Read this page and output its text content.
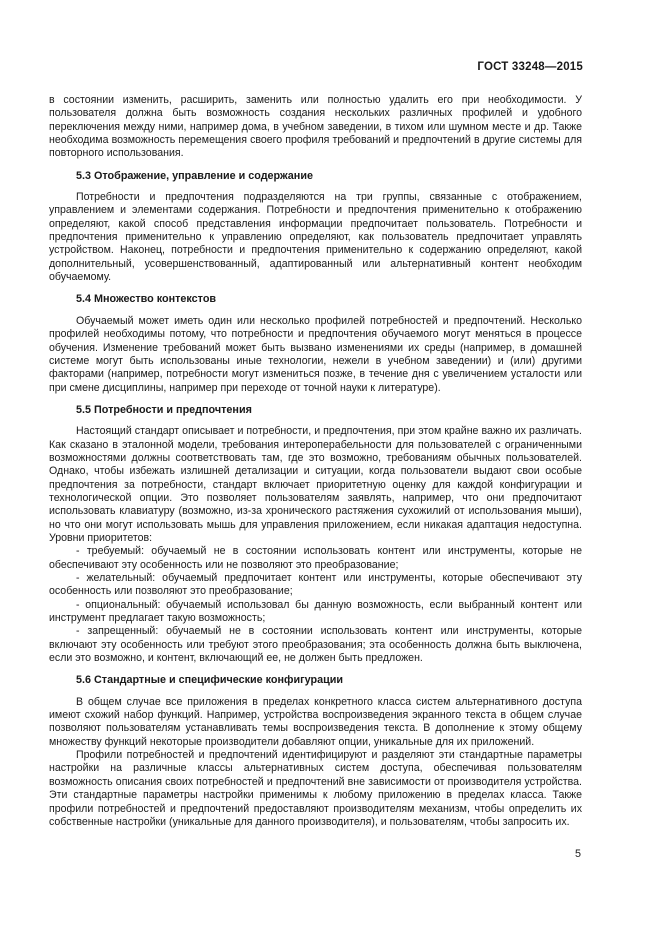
ГОСТ 33248—2015

в состоянии изменить, расширить, заменить или полностью удалить его при необходимости. У пользователя должна быть возможность создания нескольких различных профилей и удобного переключения между ними, например дома, в учебном заведении, в тихом или шумном месте и др. Также необходима возможность перемещения своего профиля требований и предпочтений в другие системы для повторного использования.

5.3 Отображение, управление и содержание

Потребности и предпочтения подразделяются на три группы, связанные с отображением, управлением и элементами содержания. Потребности и предпочтения применительно к отображению определяют, какой способ представления информации предпочитает пользователь. Потребности и предпочтения применительно к управлению определяют, как пользователь предпочитает управлять устройством. Наконец, потребности и предпочтения применительно к содержанию определяют, какой дополнительный, усовершенствованный, адаптированный или альтернативный контент необходим обучаемому.

5.4 Множество контекстов

Обучаемый может иметь один или несколько профилей потребностей и предпочтений. Несколько профилей необходимы потому, что потребности и предпочтения обучаемого могут меняться в процессе обучения. Изменение требований может быть вызвано изменениями их среды (например, в домашней системе могут быть использованы иные технологии, нежели в учебном заведении) и (или) другими факторами (например, потребности могут измениться позже, в течение дня с увеличением усталости или при смене дисциплины, например при переходе от точной науки к литературе).

5.5 Потребности и предпочтения

Настоящий стандарт описывает и потребности, и предпочтения, при этом крайне важно их различать. Как сказано в эталонной модели, требования интероперабельности для пользователей с ограниченными возможностями должны соответствовать там, где это возможно, требованиям обычных пользователей. Однако, чтобы избежать излишней детализации и ситуации, когда пользователи выдают свои особые предпочтения за потребности, стандарт включает приоритетную оценку для каждой конфигурации и технологической опции. Это позволяет пользователям заявлять, например, что они предпочитают использовать клавиатуру (возможно, из-за хронического растяжения сухожилий от использования мыши), но что они могут использовать мышь для управления приложением, если никакая адаптация недоступна. Уровни приоритетов:

- требуемый: обучаемый не в состоянии использовать контент или инструменты, которые не обеспечивают эту особенность или не позволяют это преобразование;

- желательный: обучаемый предпочитает контент или инструменты, которые обеспечивают эту особенность или позволяют это преобразование;

- опциональный: обучаемый использовал бы данную возможность, если выбранный контент или инструмент предлагает такую возможность;

- запрещенный: обучаемый не в состоянии использовать контент или инструменты, которые включают эту особенность или требуют этого преобразования; эта особенность должна быть выключена, если это возможно, и контент, включающий ее, не должен быть предложен.

5.6 Стандартные и специфические конфигурации

В общем случае все приложения в пределах конкретного класса систем альтернативного доступа имеют схожий набор функций. Например, устройства воспроизведения экранного текста в общем случае позволяют пользователям устанавливать темы воспроизведения текста. В дополнение к этому общему множеству функций некоторые производители добавляют опции, уникальные для их приложений.

Профили потребностей и предпочтений идентифицируют и разделяют эти стандартные параметры настройки на различные классы альтернативных систем доступа, обеспечивая пользователям возможность описания своих потребностей и предпочтений вне зависимости от производителя устройства. Эти стандартные параметры настройки применимы к любому приложению в пределах класса. Также профили потребностей и предпочтений предоставляют производителям механизм, чтобы определить их собственные настройки (уникальные для данного производителя), и пользователям, чтобы запросить их.

5
